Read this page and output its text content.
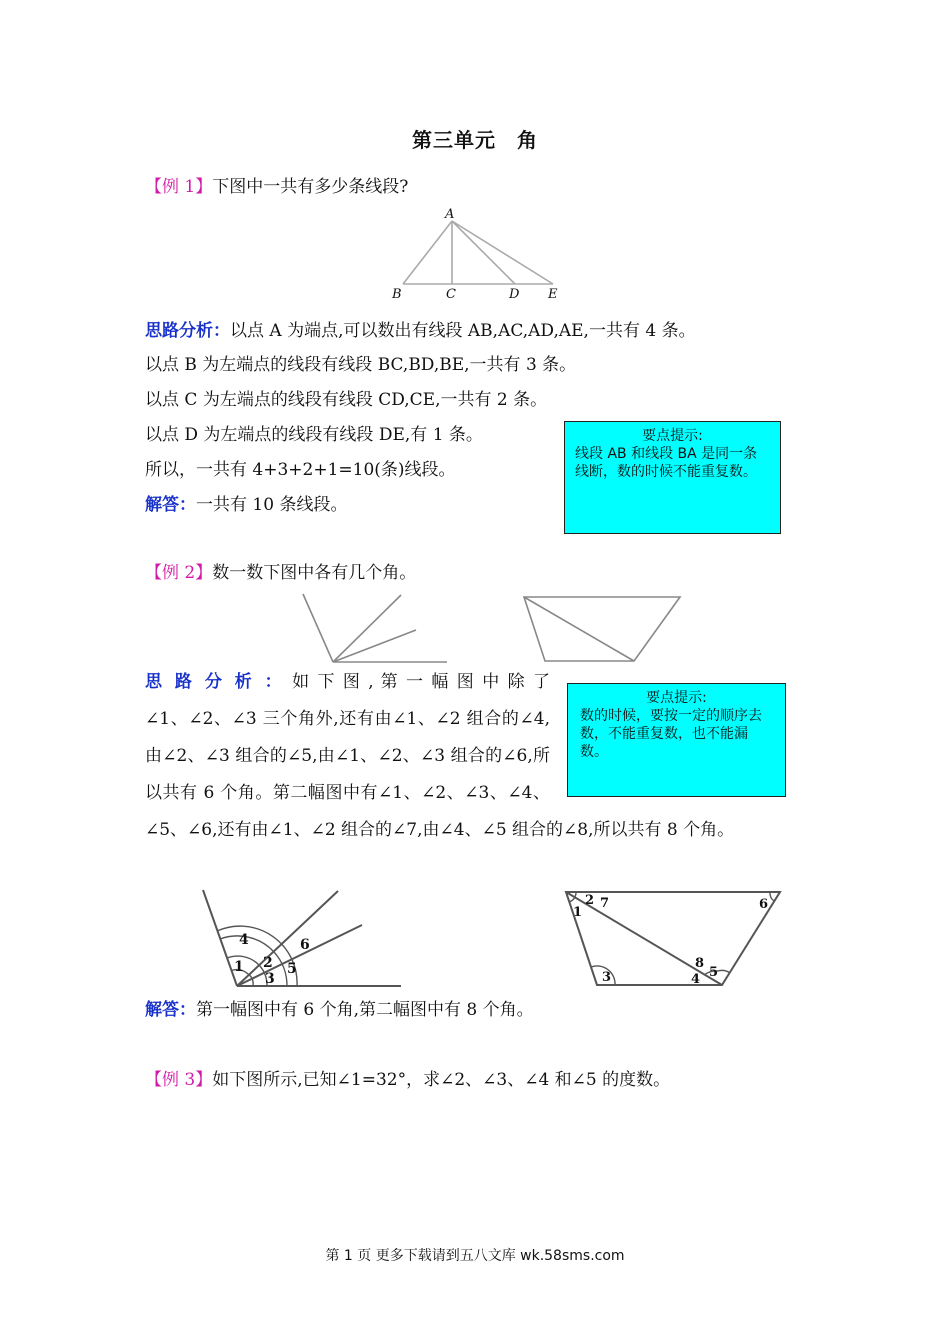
第三单元　角
【例 1】下图中一共有多少条线段?
A
B	C	D E
思路分析：以点 A 为端点,可以数出有线段 AB,AC,AD,AE,一共有 4 条。
以点 B 为左端点的线段有线段 BC,BD,BE,一共有 3 条。
以点 C 为左端点的线段有线段 CD,CE,一共有 2 条。
以点 D 为左端点的线段有线段 DE,有 1 条。
所以，一共有 4+3+2+1=10(条)线段。
解答：一共有 10 条线段。
要点提示:
线段 AB 和线段 BA 是同一条线断，数的时候不能重复数。
【例 2】数一数下图中各有几个角。
要点提示:
数的时候，要按一定的顺序去数，不能重复数，也不能漏数。
思 路 分 析 ： 如 下 图 , 第 一 幅 图 中 除 了 ∠1、∠2、∠3 三个角外,还有由∠1、∠2 组合的∠4,由∠2、∠3 组合的∠5,由∠1、∠2、∠3 组合的∠6,所以共有 6 个角。第二幅图中有∠1、∠2、∠3、∠4、∠5、∠6,还有由∠1、∠2 组合的∠7,由∠4、∠5 组合的∠8,所以共有 8 个角。
1 2
3
4
5
6
1
2
3	4 5
6
7
8
解答：第一幅图中有 6 个角,第二幅图中有 8 个角。
【例 3】如下图所示,已知∠1=32°，求∠2、∠3、∠4 和∠5 的度数。
第 1 页 更多下载请到五八文库 wk.58sms.com
